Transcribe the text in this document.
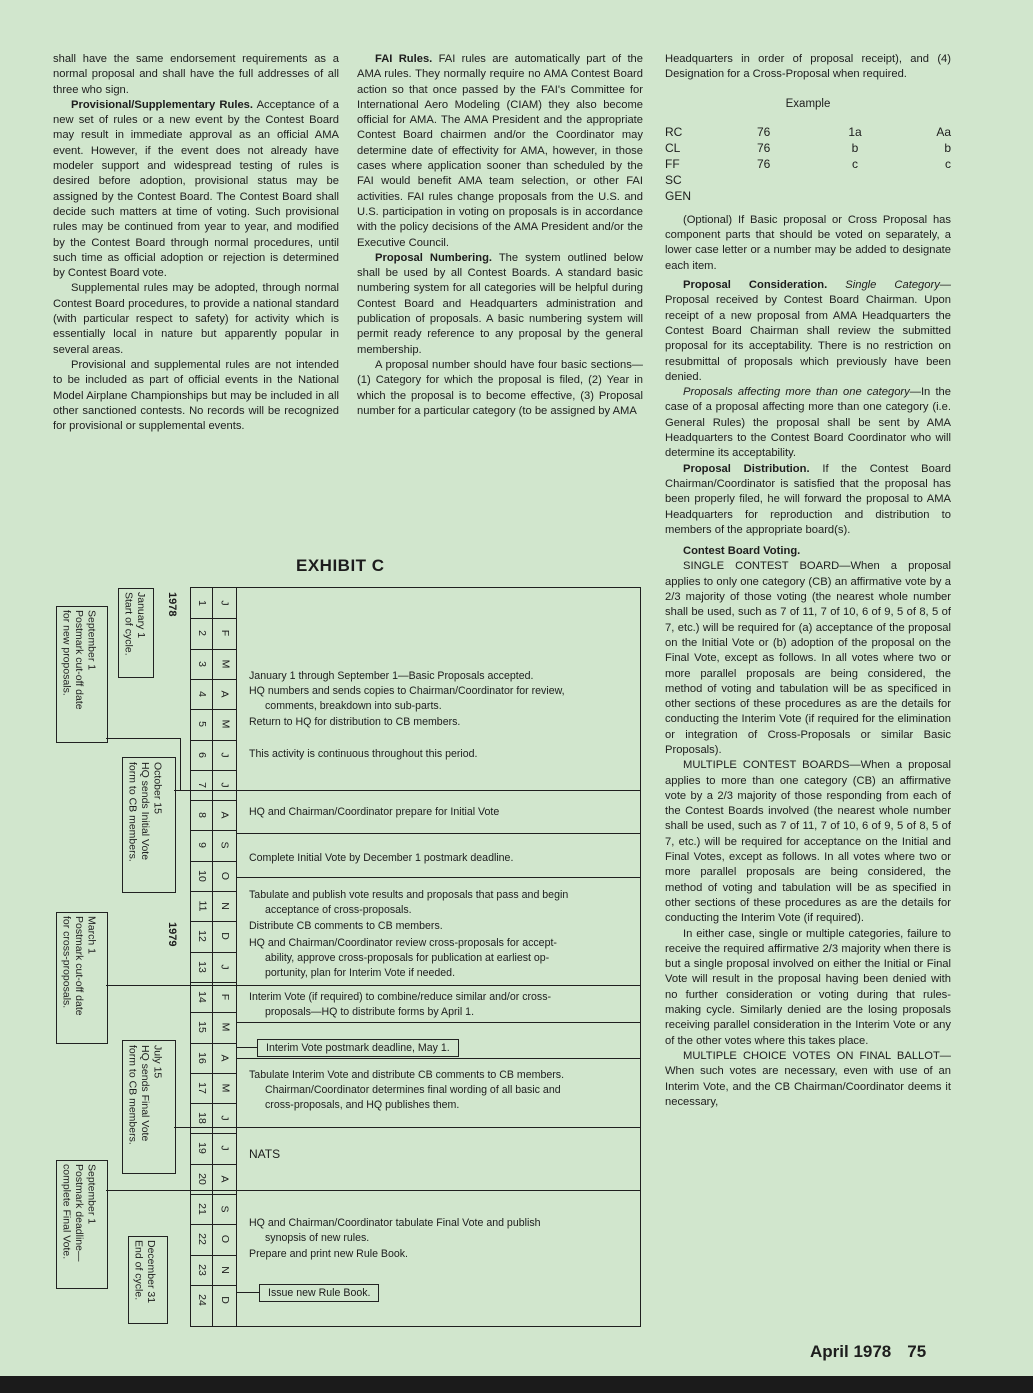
shall have the same endorsement requirements as a normal proposal and shall have the full addresses of all three who sign.

Provisional/Supplementary Rules. Acceptance of a new set of rules or a new event by the Contest Board may result in immediate approval as an official AMA event. However, if the event does not already have modeler support and widespread testing of rules is desired before adoption, provisional status may be assigned by the Contest Board. The Contest Board shall decide such matters at time of voting. Such provisional rules may be continued from year to year, and modified by the Contest Board through normal procedures, until such time as official adoption or rejection is determined by Contest Board vote.

Supplemental rules may be adopted, through normal Contest Board procedures, to provide a national standard (with particular respect to safety) for activity which is essentially local in nature but apparently popular in several areas.

Provisional and supplemental rules are not intended to be included as part of official events in the National Model Airplane Championships but may be included in all other sanctioned contests. No records will be recognized for provisional or supplemental events.

FAI Rules. FAI rules are automatically part of the AMA rules. They normally require no AMA Contest Board action so that once passed by the FAI's Committee for International Aero Modeling (CIAM) they also become official for AMA. The AMA President and the appropriate Contest Board chairmen and/or the Coordinator may determine date of effectivity for AMA, however, in those cases where application sooner than scheduled by the FAI would benefit AMA team selection, or other FAI activities. FAI rules change proposals from the U.S. and U.S. participation in voting on proposals is in accordance with the policy decisions of the AMA President and/or the Executive Council.

Proposal Numbering. The system outlined below shall be used by all Contest Boards. A standard basic numbering system for all categories will be helpful during Contest Board and Headquarters administration and publication of proposals. A basic numbering system will permit ready reference to any proposal by the general membership.

A proposal number should have four basic sections—(1) Category for which the proposal is filed, (2) Year in which the proposal is to become effective, (3) Proposal number for a particular category (to be assigned by AMA

Headquarters in order of proposal receipt), and (4) Designation for a Cross-Proposal when required.

Example
RC	76	1a	Aa
CL	76	b	b
FF	76	c	c
SC
GEN

(Optional) If Basic proposal or Cross Proposal has component parts that should be voted on separately, a lower case letter or a number may be added to designate each item.

Proposal Consideration. Single Category— Proposal received by Contest Board Chairman. Upon receipt of a new proposal from AMA Headquarters the Contest Board Chairman shall review the submitted proposal for its acceptability. There is no restriction on resubmittal of proposals which previously have been denied.

Proposals affecting more than one category—In the case of a proposal affecting more than one category (i.e. General Rules) the proposal shall be sent by AMA Headquarters to the Contest Board Coordinator who will determine its acceptability.

Proposal Distribution. If the Contest Board Chairman/Coordinator is satisfied that the proposal has been properly filed, he will forward the proposal to AMA Headquarters for reproduction and distribution to members of the appropriate board(s).

Contest Board Voting.

SINGLE CONTEST BOARD—When a proposal applies to only one category (CB) an affirmative vote by a 2/3 majority of those voting (the nearest whole number shall be used, such as 7 of 11, 7 of 10, 6 of 9, 5 of 8, 5 of 7, etc.) will be required for (a) acceptance of the proposal on the Initial Vote or (b) adoption of the proposal on the Final Vote, except as follows. In all votes where two or more parallel proposals are being considered, the method of voting and tabulation will be as specificed in other sections of these procedures as are the details for conducting the Interim Vote (if required for the elimination or integration of Cross-Proposals or similar Basic Proposals).

MULTIPLE CONTEST BOARDS—When a proposal applies to more than one category (CB) an affirmative vote by a 2/3 majority of those responding from each of the Contest Boards involved (the nearest whole number shall be used, such as 7 of 11, 7 of 10, 6 of 9, 5 of 8, 5 of 7, etc.) will be required for acceptance on the Initial and Final Votes, except as follows. In all votes where two or more parallel proposals are being considered, the method of voting and tabulation will be as specified in other sections of these procedures as are the details for conducting the Interim Vote (if required).

In either case, single or multiple categories, failure to receive the required affirmative 2/3 majority when there is but a single proposal involved on either the Initial or Final Vote will result in the proposal having been denied with no further consideration or voting during that rules-making cycle. Similarly denied are the losing proposals receiving parallel consideration in the Interim Vote or any of the other votes where this takes place.

MULTIPLE CHOICE VOTES ON FINAL BALLOT—When such votes are necessary, even with use of an Interim Vote, and the CB Chairman/Coordinator deems it necessary,

EXHIBIT C
1978
1979
January 1
Start of cycle.
September 1
Postmark cut-off date
for new proposals.
October 15
HQ sends Initial Vote
form to CB members.
March 1
Postmark cut-off date
for cross-proposals.
July 15
HQ sends Final Vote
form to CB members.
September 1
Postmark deadline—
complete Final Vote.	December 31
End of cycle.
1 J
2 F
3 M
4 A
5 M
6 J
7 J
8 A
9 S
10 O
11 N
12 D
13 J
14 F
15 M
16 A
17 M
18 J
19 J
20 A
21 S
22 O
23 N
24 D
January 1 through September 1—Basic Proposals accepted.
HQ numbers and sends copies to Chairman/Coordinator for review,
comments, breakdown into sub-parts.
Return to HQ for distribution to CB members.
This activity is continuous throughout this period.
HQ and Chairman/Coordinator prepare for Initial Vote
Complete Initial Vote by December 1 postmark deadline.
Tabulate and publish vote results and proposals that pass and begin
acceptance of cross-proposals.
Distribute CB comments to CB members.
HQ and Chairman/Coordinator review cross-proposals for accept-
ability, approve cross-proposals for publication at earliest op-
portunity, plan for Interim Vote if needed.
Interim Vote (if required) to combine/reduce similar and/or cross-
proposals—HQ to distribute forms by April 1.
Interim Vote postmark deadline, May 1.
Tabulate Interim Vote and distribute CB comments to CB members.
Chairman/Coordinator determines final wording of all basic and
cross-proposals, and HQ publishes them.
NATS
HQ and Chairman/Coordinator tabulate Final Vote and publish
synopsis of new rules.
Prepare and print new Rule Book.
Issue new Rule Book.
April 1978 75
